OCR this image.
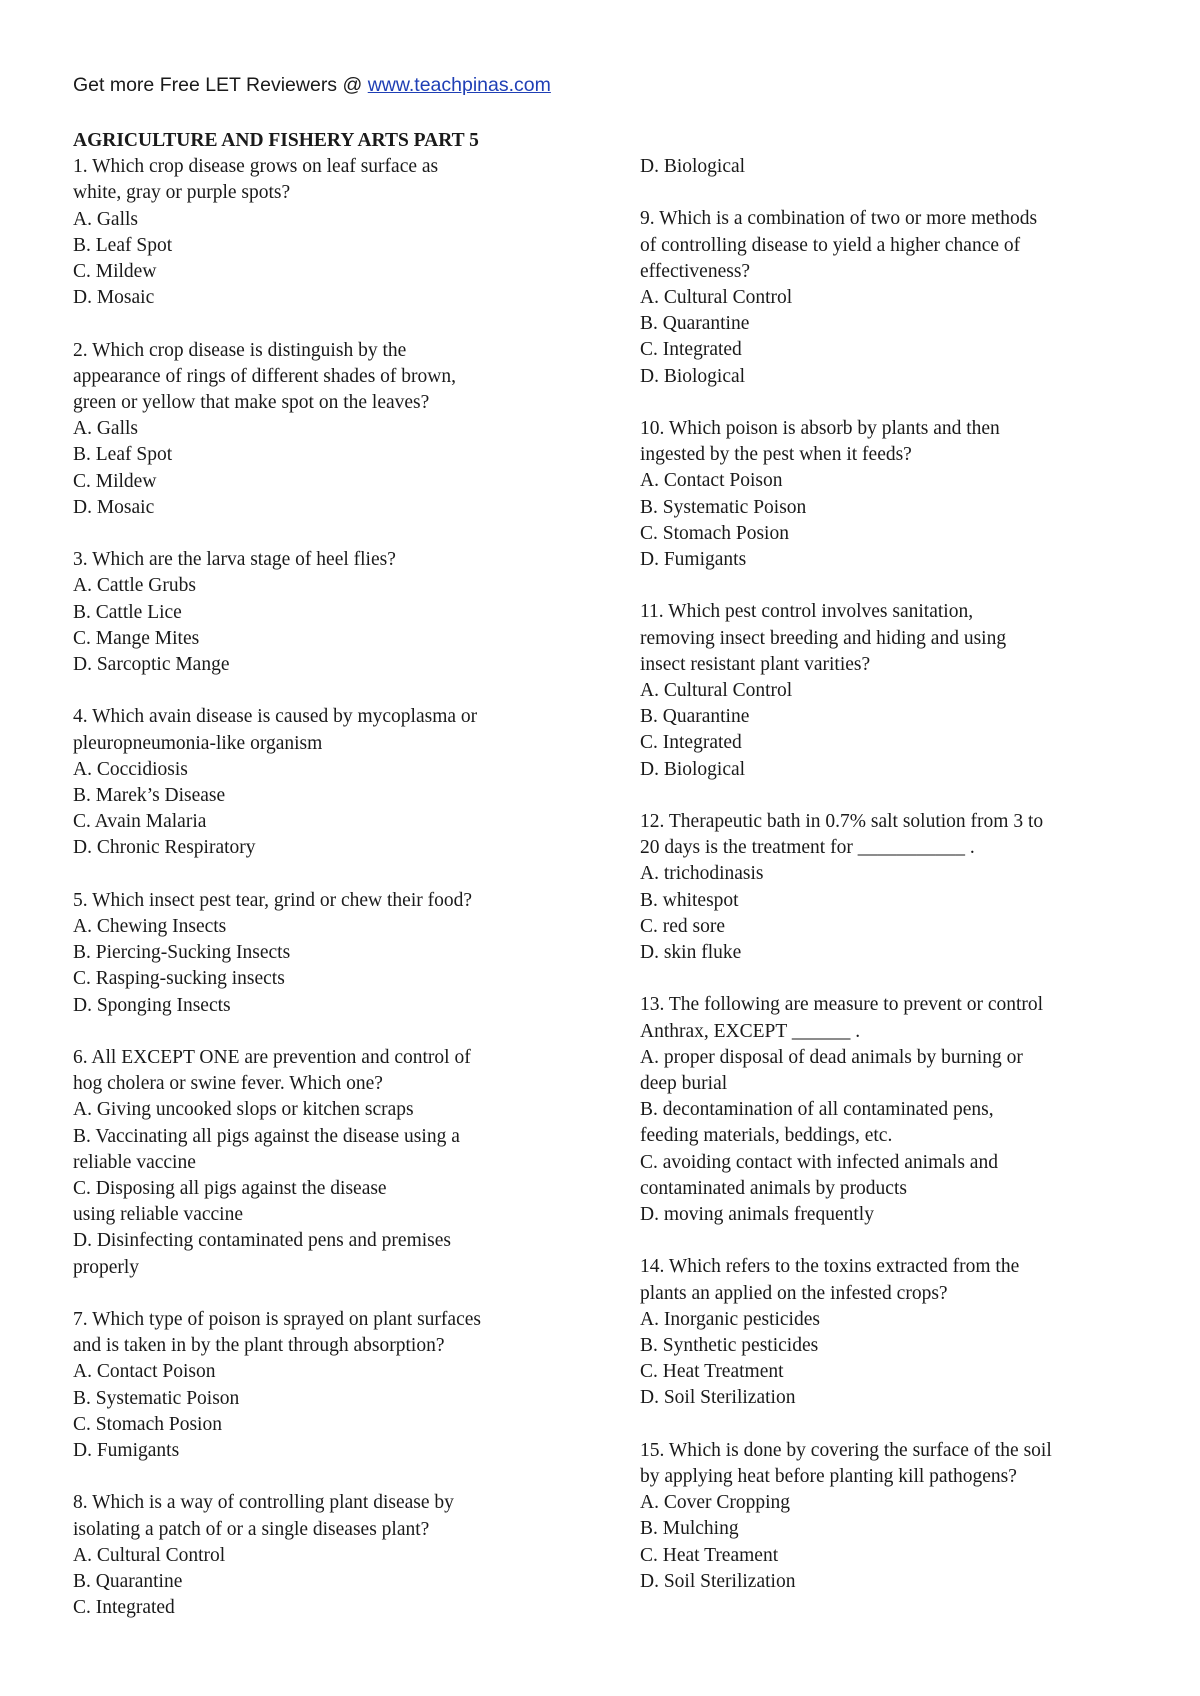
Get more Free LET Reviewers @ www.teachpinas.com
AGRICULTURE AND FISHERY ARTS PART 5
1. Which crop disease grows on leaf surface as
white, gray or purple spots?
A. Galls
B. Leaf Spot
C. Mildew
D. Mosaic
2. Which crop disease is distinguish by the
appearance of rings of different shades of brown,
green or yellow that make spot on the leaves?
A. Galls
B. Leaf Spot
C. Mildew
D. Mosaic
3. Which are the larva stage of heel flies?
A. Cattle Grubs
B. Cattle Lice
C. Mange Mites
D. Sarcoptic Mange
4. Which avain disease is caused by mycoplasma or
pleuropneumonia-like organism
A. Coccidiosis
B. Marek’s Disease
C. Avain Malaria
D. Chronic Respiratory
5. Which insect pest tear, grind or chew their food?
A. Chewing Insects
B. Piercing-Sucking Insects
C. Rasping-sucking insects
D. Sponging Insects
6. All EXCEPT ONE are prevention and control of
hog cholera or swine fever. Which one?
A. Giving uncooked slops or kitchen scraps
B. Vaccinating all pigs against the disease using a
reliable vaccine
C. Disposing all pigs against the disease
using reliable vaccine
D. Disinfecting contaminated pens and premises
properly
7. Which type of poison is sprayed on plant surfaces
and is taken in by the plant through absorption?
A. Contact Poison
B. Systematic Poison
C. Stomach Posion
D. Fumigants
8. Which is a way of controlling plant disease by
isolating a patch of or a single diseases plant?
A. Cultural Control
B. Quarantine
C. Integrated
D. Biological
9. Which is a combination of two or more methods
of controlling disease to yield a higher chance of
effectiveness?
A. Cultural Control
B. Quarantine
C. Integrated
D. Biological
10. Which poison is absorb by plants and then
ingested by the pest when it feeds?
A. Contact Poison
B. Systematic Poison
C. Stomach Posion
D. Fumigants
11. Which pest control involves sanitation,
removing insect breeding and hiding and using
insect resistant plant varities?
A. Cultural Control
B. Quarantine
C. Integrated
D. Biological
12. Therapeutic bath in 0.7% salt solution from 3 to
20 days is the treatment for ___________ .
A. trichodinasis
B. whitespot
C. red sore
D. skin fluke
13. The following are measure to prevent or control
Anthrax, EXCEPT ______ .
A. proper disposal of dead animals by burning or
deep burial
B. decontamination of all contaminated pens,
feeding materials, beddings, etc.
C. avoiding contact with infected animals and
contaminated animals by products
D. moving animals frequently
14. Which refers to the toxins extracted from the
plants an applied on the infested crops?
A. Inorganic pesticides
B. Synthetic pesticides
C. Heat Treatment
D. Soil Sterilization
15. Which is done by covering the surface of the soil
by applying heat before planting kill pathogens?
A. Cover Cropping
B. Mulching
C. Heat Treament
D. Soil Sterilization
